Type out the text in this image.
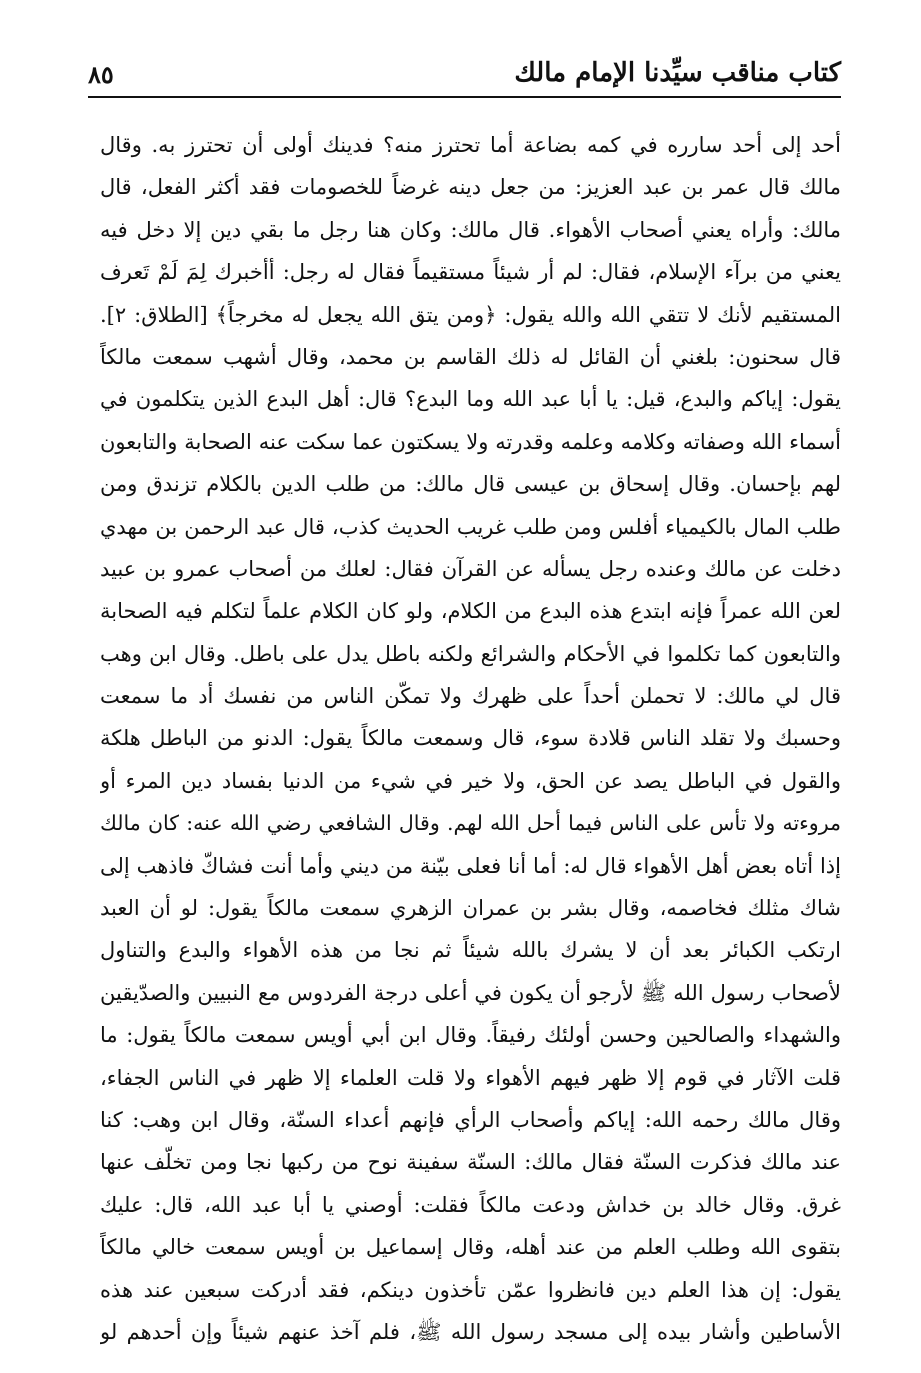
كتاب مناقب سيِّدنا الإمام مالك
٨٥
أحد إلى أحد سارره في كمه بضاعة أما تحترز منه؟ فدينك أولى أن تحترز به. وقال
مالك قال عمر بن عبد العزيز: من جعل دينه غرضاً للخصومات فقد أكثر الفعل، قال
مالك: وأراه يعني أصحاب الأهواء. قال مالك: وكان هنا رجل ما بقي دين إلا دخل فيه
يعني من برآء الإسلام، فقال: لم أر شيئاً مستقيماً فقال له رجل: أأخبرك لِمَ لَمْ تَعرف
المستقيم لأنك لا تتقي الله والله يقول: ﴿ومن يتق الله يجعل له مخرجاً﴾ [الطلاق: ٢].
قال سحنون: بلغني أن القائل له ذلك القاسم بن محمد، وقال أشهب سمعت مالكاً
يقول: إياكم والبدع، قيل: يا أبا عبد الله وما البدع؟ قال: أهل البدع الذين يتكلمون في
أسماء الله وصفاته وكلامه وعلمه وقدرته ولا يسكتون عما سكت عنه الصحابة والتابعون
لهم بإحسان. وقال إسحاق بن عيسى قال مالك: من طلب الدين بالكلام تزندق ومن
طلب المال بالكيمياء أفلس ومن طلب غريب الحديث كذب، قال عبد الرحمن بن مهدي
دخلت عن مالك وعنده رجل يسأله عن القرآن فقال: لعلك من أصحاب عمرو بن عبيد
لعن الله عمراً فإنه ابتدع هذه البدع من الكلام، ولو كان الكلام علماً لتكلم فيه الصحابة
والتابعون كما تكلموا في الأحكام والشرائع ولكنه باطل يدل على باطل. وقال ابن وهب
قال لي مالك: لا تحملن أحداً على ظهرك ولا تمكّن الناس من نفسك أد ما سمعت
وحسبك ولا تقلد الناس قلادة سوء، قال وسمعت مالكاً يقول: الدنو من الباطل هلكة
والقول في الباطل يصد عن الحق، ولا خير في شيء من الدنيا بفساد دين المرء أو
مروءته ولا تأس على الناس فيما أحل الله لهم. وقال الشافعي رضي الله عنه: كان مالك
إذا أتاه بعض أهل الأهواء قال له: أما أنا فعلى بيّنة من ديني وأما أنت فشاكّ فاذهب إلى
شاك مثلك فخاصمه، وقال بشر بن عمران الزهري سمعت مالكاً يقول: لو أن العبد
ارتكب الكبائر بعد أن لا يشرك بالله شيئاً ثم نجا من هذه الأهواء والبدع والتناول
لأصحاب رسول الله ﷺ لأرجو أن يكون في أعلى درجة الفردوس مع النبيين والصدّيقين
والشهداء والصالحين وحسن أولئك رفيقاً. وقال ابن أبي أويس سمعت مالكاً يقول: ما
قلت الآثار في قوم إلا ظهر فيهم الأهواء ولا قلت العلماء إلا ظهر في الناس الجفاء،
وقال مالك رحمه الله: إياكم وأصحاب الرأي فإنهم أعداء السنّة، وقال ابن وهب: كنا
عند مالك فذكرت السنّة فقال مالك: السنّة سفينة نوح من ركبها نجا ومن تخلّف عنها
غرق. وقال خالد بن خداش ودعت مالكاً فقلت: أوصني يا أبا عبد الله، قال: عليك
بتقوى الله وطلب العلم من عند أهله، وقال إسماعيل بن أويس سمعت خالي مالكاً
يقول: إن هذا العلم دين فانظروا عمّن تأخذون دينكم، فقد أدركت سبعين عند هذه
الأساطين وأشار بيده إلى مسجد رسول الله ﷺ، فلم آخذ عنهم شيئاً وإن أحدهم لو
